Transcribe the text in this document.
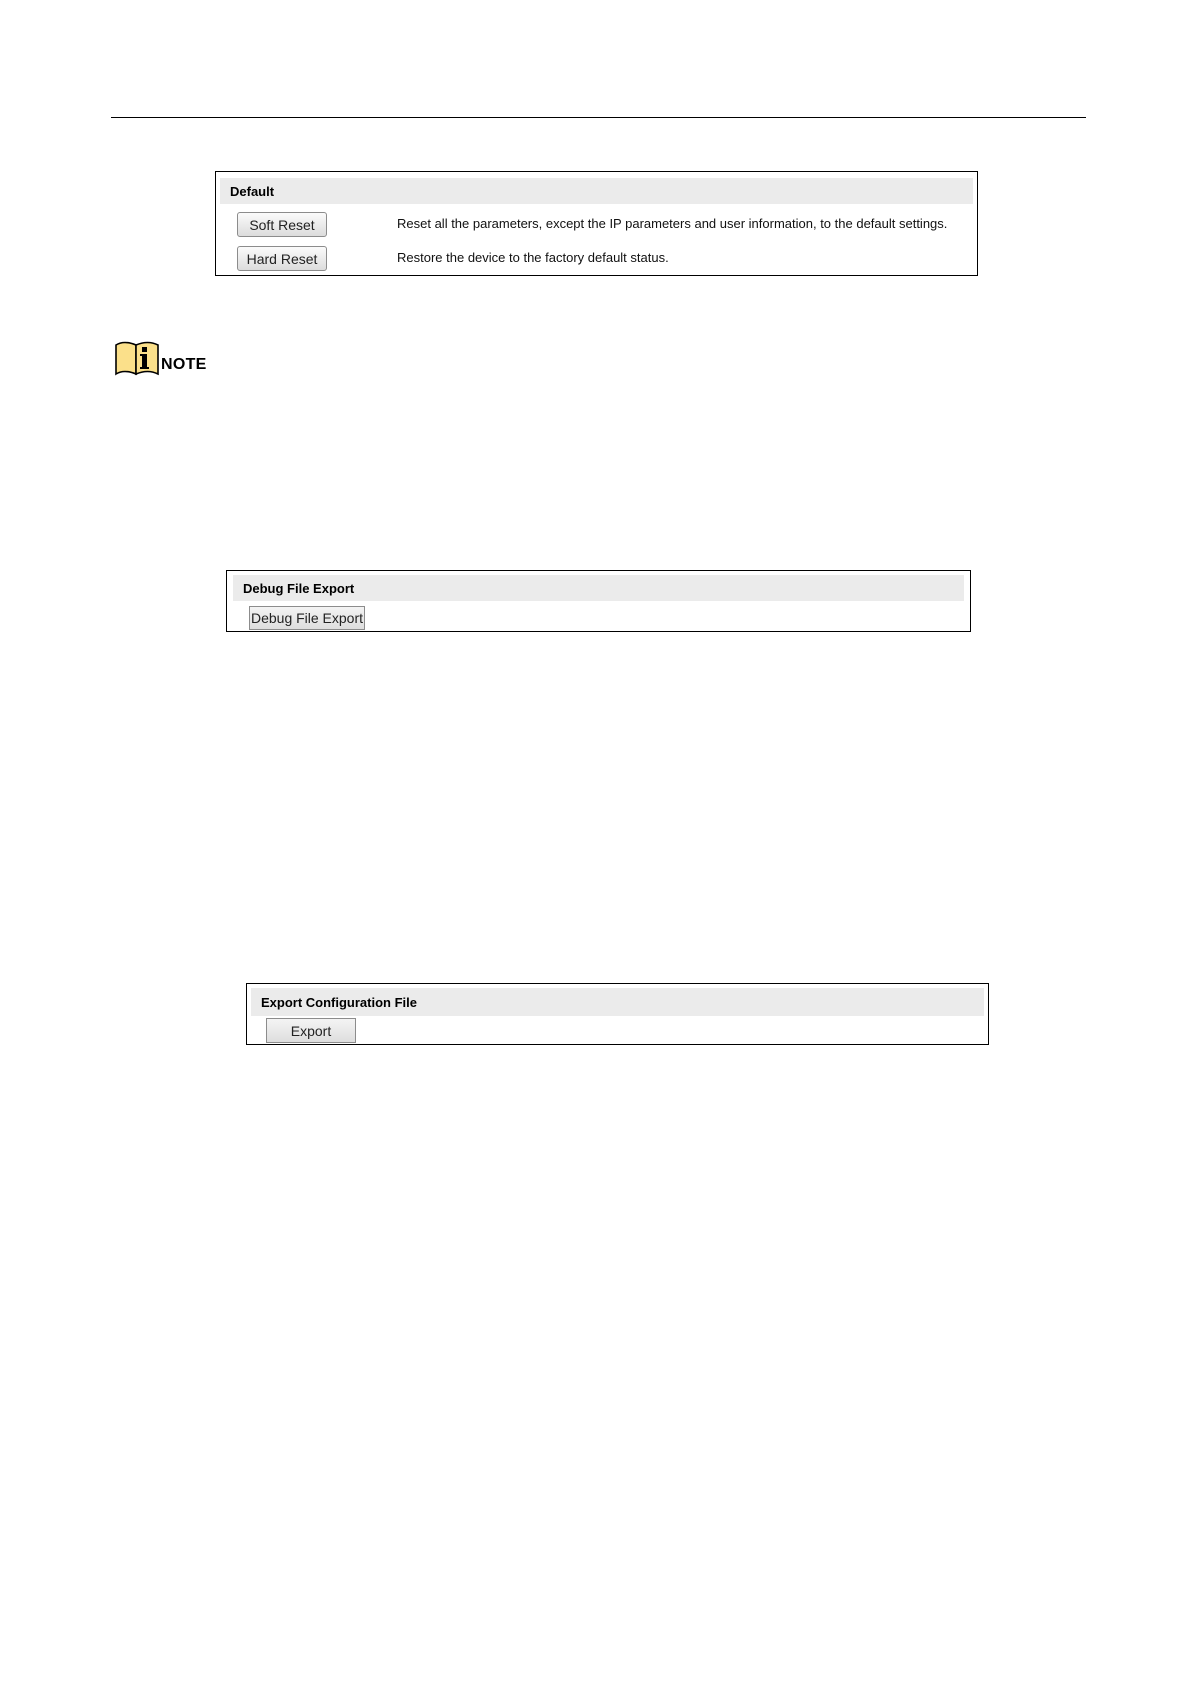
Default
Soft Reset	Reset all the parameters, except the IP parameters and user information, to the default settings.
Hard Reset	Restore the device to the factory default status.
NOTE
Debug File Export
Debug File Export
Export Configuration File
Export
